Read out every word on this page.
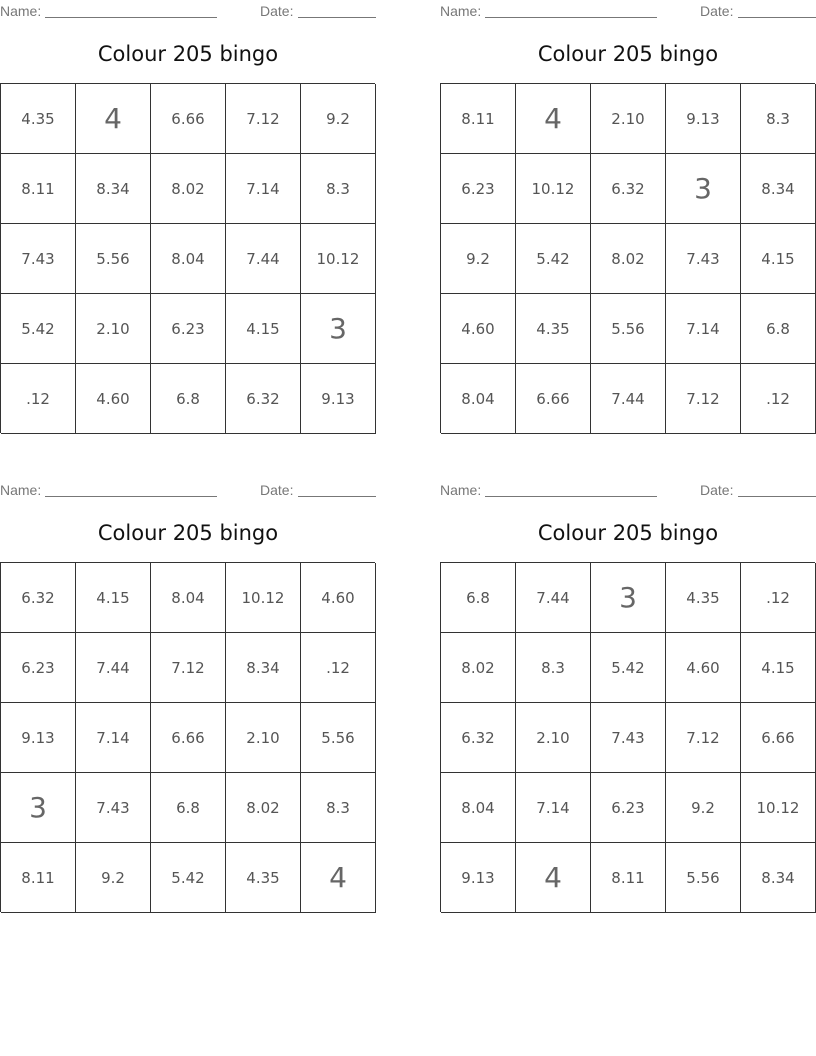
Name:	Date:
Colour 205 bingo
4.35	4	6.66	7.12	9.2
8.11	8.34	8.02	7.14	8.3
7.43	5.56	8.04	7.44	10.12
5.42	2.10	6.23	4.15	3
.12	4.60	6.8	6.32	9.13
Name:	Date:
Colour 205 bingo
8.11	4	2.10	9.13	8.3
6.23	10.12	6.32	3	8.34
9.2	5.42	8.02	7.43	4.15
4.60	4.35	5.56	7.14	6.8
8.04	6.66	7.44	7.12	.12
Name:	Date:
Colour 205 bingo
6.32	4.15	8.04	10.12	4.60
6.23	7.44	7.12	8.34	.12
9.13	7.14	6.66	2.10	5.56
3	7.43	6.8	8.02	8.3
8.11	9.2	5.42	4.35	4
Name:	Date:
Colour 205 bingo
6.8	7.44	3	4.35	.12
8.02	8.3	5.42	4.60	4.15
6.32	2.10	7.43	7.12	6.66
8.04	7.14	6.23	9.2	10.12
9.13	4	8.11	5.56	8.34
